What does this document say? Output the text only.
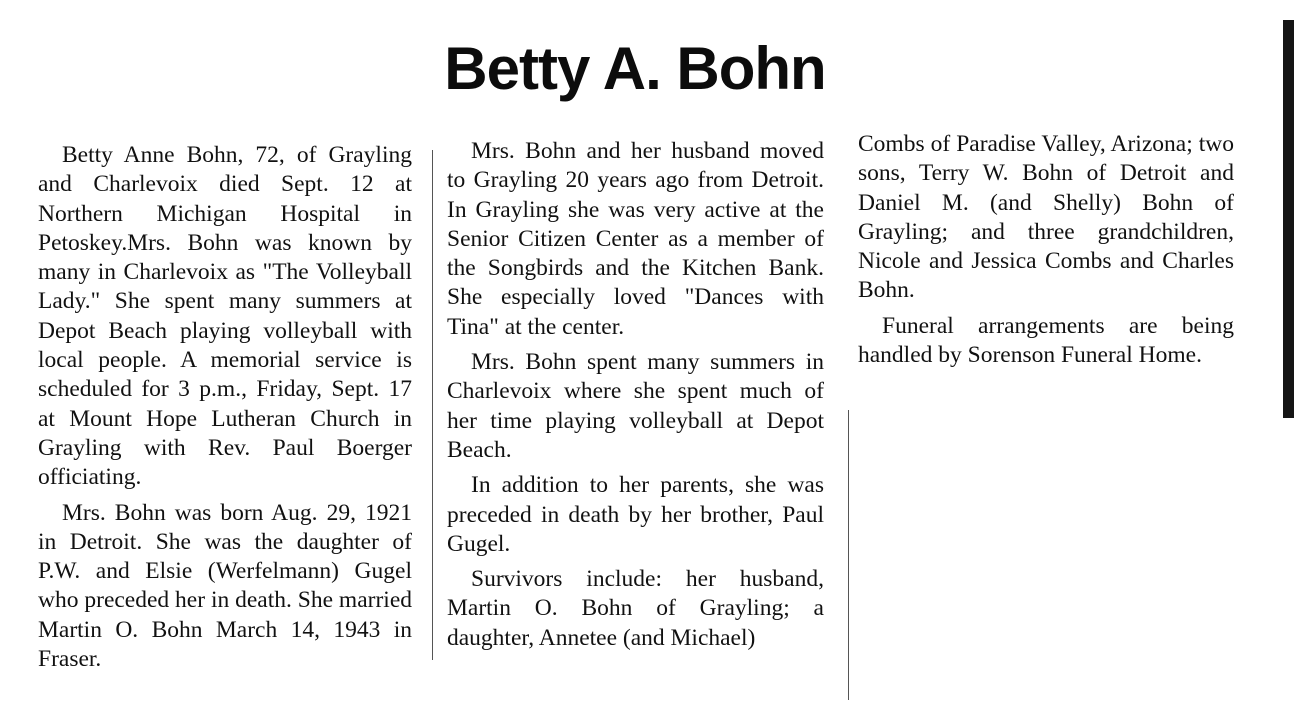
Betty A. Bohn

Betty Anne Bohn, 72, of Grayling and Charlevoix died Sept. 12 at Northern Michigan Hospital in Petoskey.Mrs. Bohn was known by many in Charlevoix as "The Volleyball Lady." She spent many summers at Depot Beach playing volleyball with local people. A memorial service is scheduled for 3 p.m., Friday, Sept. 17 at Mount Hope Lutheran Church in Grayling with Rev. Paul Boerger officiating.

Mrs. Bohn was born Aug. 29, 1921 in Detroit. She was the daughter of P.W. and Elsie (Werfelmann) Gugel who preceded her in death. She married Martin O. Bohn March 14, 1943 in Fraser.

Mrs. Bohn and her husband moved to Grayling 20 years ago from Detroit. In Grayling she was very active at the Senior Citizen Center as a member of the Songbirds and the Kitchen Bank. She especially loved "Dances with Tina" at the center.

Mrs. Bohn spent many summers in Charlevoix where she spent much of her time playing volleyball at Depot Beach.

In addition to her parents, she was preceded in death by her brother, Paul Gugel.

Survivors include: her husband, Martin O. Bohn of Grayling; a daughter, Annetee (and Michael)

Combs of Paradise Valley, Arizona; two sons, Terry W. Bohn of Detroit and Daniel M. (and Shelly) Bohn of Grayling; and three grandchildren, Nicole and Jessica Combs and Charles Bohn.

Funeral arrangements are being handled by Sorenson Funeral Home.
